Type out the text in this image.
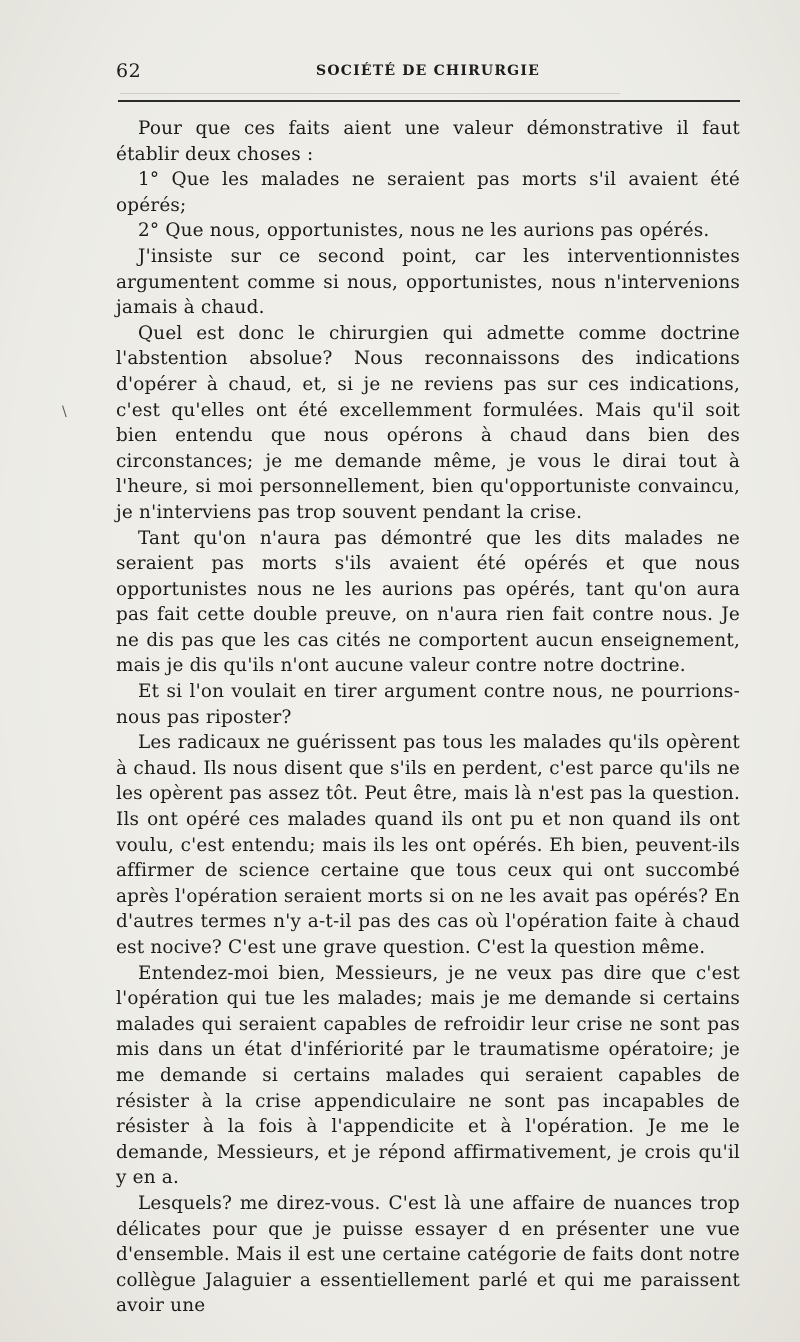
62	SOCIÉTÉ DE CHIRURGIE
\

Pour que ces faits aient une valeur démonstrative il faut établir deux choses :

1° Que les malades ne seraient pas morts s'il avaient été opérés;

2° Que nous, opportunistes, nous ne les aurions pas opérés.

J'insiste sur ce second point, car les interventionnistes argumentent comme si nous, opportunistes, nous n'intervenions jamais à chaud.

Quel est donc le chirurgien qui admette comme doctrine l'abstention absolue? Nous reconnaissons des indications d'opérer à chaud, et, si je ne reviens pas sur ces indications, c'est qu'elles ont été excellemment formulées. Mais qu'il soit bien entendu que nous opérons à chaud dans bien des circonstances; je me demande même, je vous le dirai tout à l'heure, si moi personnellement, bien qu'opportuniste convaincu, je n'interviens pas trop souvent pendant la crise.

Tant qu'on n'aura pas démontré que les dits malades ne seraient pas morts s'ils avaient été opérés et que nous opportunistes nous ne les aurions pas opérés, tant qu'on aura pas fait cette double preuve, on n'aura rien fait contre nous. Je ne dis pas que les cas cités ne comportent aucun enseignement, mais je dis qu'ils n'ont aucune valeur contre notre doctrine.

Et si l'on voulait en tirer argument contre nous, ne pourrions-nous pas riposter?

Les radicaux ne guérissent pas tous les malades qu'ils opèrent à chaud. Ils nous disent que s'ils en perdent, c'est parce qu'ils ne les opèrent pas assez tôt. Peut être, mais là n'est pas la question. Ils ont opéré ces malades quand ils ont pu et non quand ils ont voulu, c'est entendu; mais ils les ont opérés. Eh bien, peuvent-ils affirmer de science certaine que tous ceux qui ont succombé après l'opération seraient morts si on ne les avait pas opérés? En d'autres termes n'y a-t-il pas des cas où l'opération faite à chaud est nocive? C'est une grave question. C'est la question même.

Entendez-moi bien, Messieurs, je ne veux pas dire que c'est l'opération qui tue les malades; mais je me demande si certains malades qui seraient capables de refroidir leur crise ne sont pas mis dans un état d'infériorité par le traumatisme opératoire; je me demande si certains malades qui seraient capables de résister à la crise appendiculaire ne sont pas incapables de résister à la fois à l'appendicite et à l'opération. Je me le demande, Messieurs, et je répond affirmativement, je crois qu'il y en a.

Lesquels? me direz-vous. C'est là une affaire de nuances trop délicates pour que je puisse essayer d en présenter une vue d'ensemble. Mais il est une certaine catégorie de faits dont notre collègue Jalaguier a essentiellement parlé et qui me paraissent avoir une
